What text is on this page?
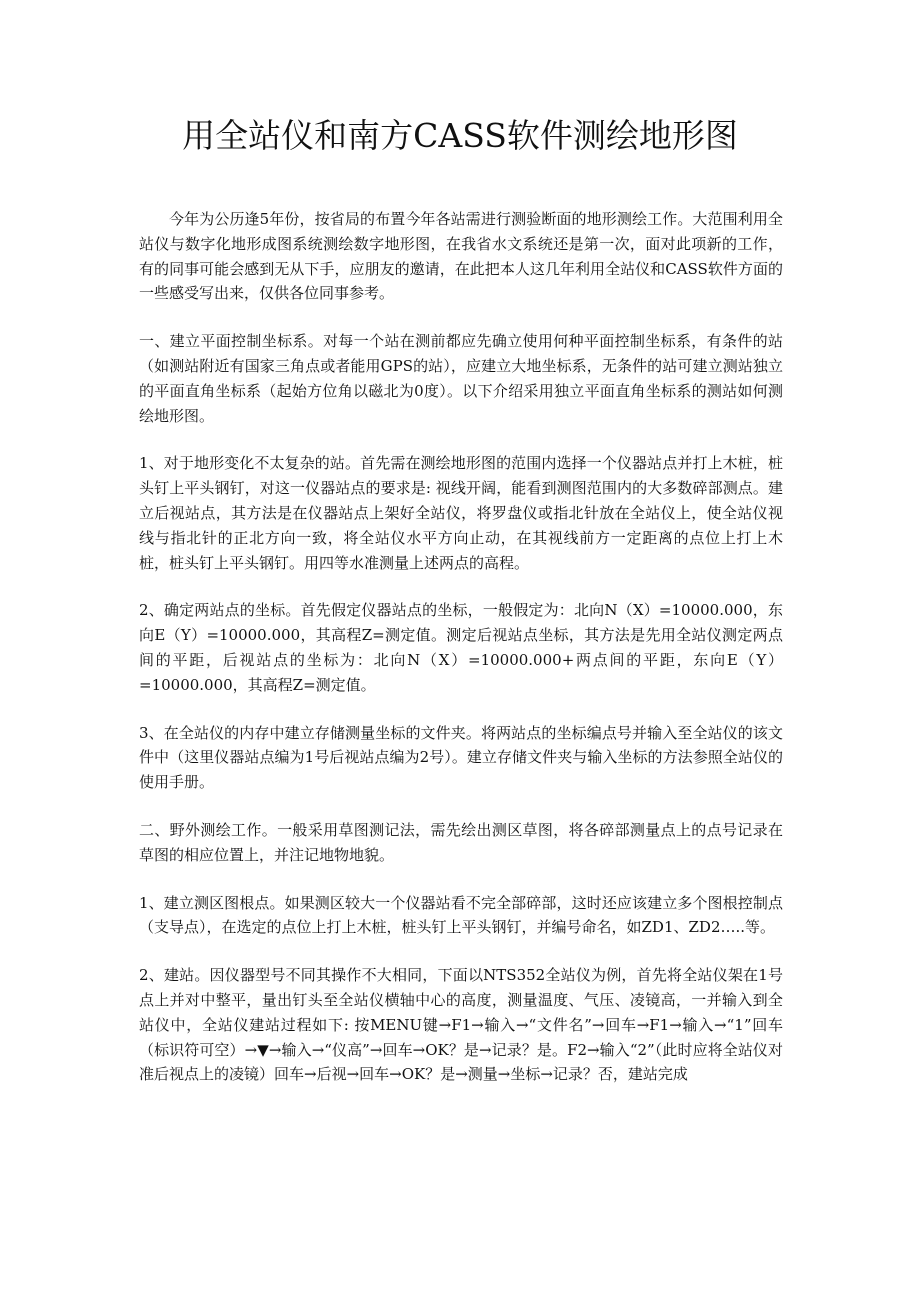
用全站仪和南方CASS软件测绘地形图

今年为公历逢5年份，按省局的布置今年各站需进行测验断面的地形测绘工作。大范围利用全站仪与数字化地形成图系统测绘数字地形图，在我省水文系统还是第一次，面对此项新的工作，有的同事可能会感到无从下手，应朋友的邀请，在此把本人这几年利用全站仪和CASS软件方面的一些感受写出来，仅供各位同事参考。

一、建立平面控制坐标系。对每一个站在测前都应先确立使用何种平面控制坐标系，有条件的站（如测站附近有国家三角点或者能用GPS的站），应建立大地坐标系，无条件的站可建立测站独立的平面直角坐标系（起始方位角以磁北为0度）。以下介绍采用独立平面直角坐标系的测站如何测绘地形图。

1、对于地形变化不太复杂的站。首先需在测绘地形图的范围内选择一个仪器站点并打上木桩，桩头钉上平头钢钉，对这一仪器站点的要求是: 视线开阔，能看到测图范围内的大多数碎部测点。建立后视站点，其方法是在仪器站点上架好全站仪，将罗盘仪或指北针放在全站仪上，使全站仪视线与指北针的正北方向一致，将全站仪水平方向止动，在其视线前方一定距离的点位上打上木桩，桩头钉上平头钢钉。用四等水准测量上述两点的高程。

2、确定两站点的坐标。首先假定仪器站点的坐标，一般假定为：北向N（X）=10000.000，东向E（Y）=10000.000，其高程Z=测定值。测定后视站点坐标，其方法是先用全站仪测定两点间的平距，后视站点的坐标为：北向N（X）=10000.000+两点间的平距，东向E（Y）=10000.000，其高程Z=测定值。

3、在全站仪的内存中建立存储测量坐标的文件夹。将两站点的坐标编点号并输入至全站仪的该文件中（这里仪器站点编为1号后视站点编为2号）。建立存储文件夹与输入坐标的方法参照全站仪的使用手册。

二、野外测绘工作。一般采用草图测记法，需先绘出测区草图，将各碎部测量点上的点号记录在草图的相应位置上，并注记地物地貌。

1、建立测区图根点。如果测区较大一个仪器站看不完全部碎部，这时还应该建立多个图根控制点（支导点），在选定的点位上打上木桩，桩头钉上平头钢钉，并编号命名，如ZD1、ZD2…..等。

2、建站。因仪器型号不同其操作不大相同，下面以NTS352全站仪为例，首先将全站仪架在1号点上并对中整平，量出钉头至全站仪横轴中心的高度，测量温度、气压、凌镜高，一并输入到全站仪中，全站仪建站过程如下: 按MENU键→F1→输入→“文件名”→回车→F1→输入→“1”回车（标识符可空）→▼→输入→“仪高”→回车→OK？是→记录？是。F2→输入“2”（此时应将全站仪对准后视点上的凌镜）回车→后视→回车→OK？是→测量→坐标→记录？否，建站完成
